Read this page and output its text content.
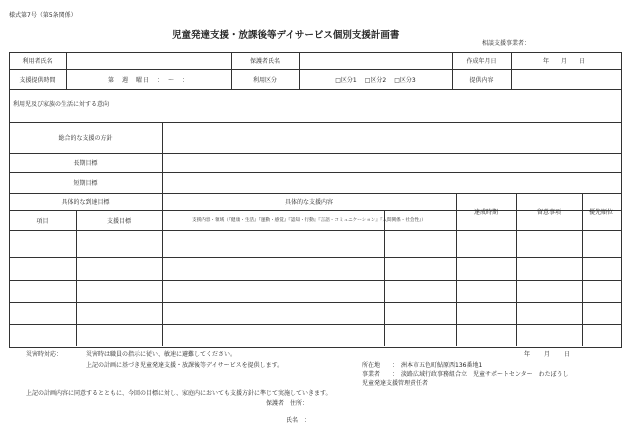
様式第7号（第5条関係）
児童発達支援・放課後等デイサービス個別支援計画書
相談支援事業者：
利用者氏名	保護者氏名	作成年月日	年　月　日
支援提供時間	第　週　曜日　：　～　：	利用区分	□区分1 □区分2 □区分3	提供内容
利用児及び家族の生活に対する意向
総合的な支援の方針
長期目標
短期目標
具体的な到達目標	具体的な支援内容
項目	支援目標	支援内容・領域（『健康・生活』『運動・感覚』『認知・行動』『言語・コミュニケーション』『人間関係・社会性』）
達成時期	留意事項	優先順位
災害時対応：	災害時は職員の指示に従い、敏速に避難してください。
上記の計画に基づき児童発達支援・放課後等デイサービスを提供します。
年　月　日
所在地 ：　洲本市五色町鮎原西136番地1
事業者 ：　淡路広域行政事務組合立　児童サポートセンター　わたぼうし
児童発達支援管理責任者
上記の計画内容に同意するとともに、今回の目標に対し、家庭内においても支援方針に準じて実施していきます。
保護者　住所：
氏名　：
